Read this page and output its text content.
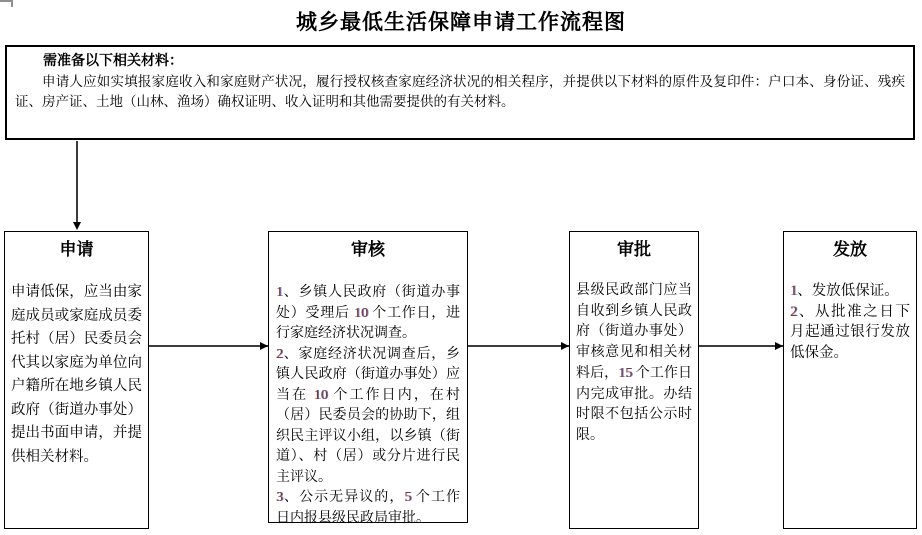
城乡最低生活保障申请工作流程图

需准备以下相关材料：

申请人应如实填报家庭收入和家庭财产状况，履行授权核查家庭经济状况的相关程序，并提供以下材料的原件及复印件：户口本、身份证、残疾证、房产证、土地（山林、渔场）确权证明、收入证明和其他需要提供的有关材料。

申请
申请低保，应当由家庭成员或家庭成员委托村（居）民委员会代其以家庭为单位向户籍所在地乡镇人民政府（街道办事处）提出书面申请，并提供相关材料。
审核

1、乡镇人民政府（街道办事处）受理后 10 个工作日，进行家庭经济状况调查。

2、家庭经济状况调查后，乡镇人民政府（街道办事处）应当在 10 个工作日内，在村（居）民委员会的协助下，组织民主评议小组，以乡镇（街道）、村（居）或分片进行民主评议。

3、公示无异议的，5 个工作日内报县级民政局审批。

审批
县级民政部门应当自收到乡镇人民政府（街道办事处）审核意见和相关材料后，15 个工作日内完成审批。办结时限不包括公示时限。
发放

1、发放低保证。

2、从批准之日下月起通过银行发放低保金。
